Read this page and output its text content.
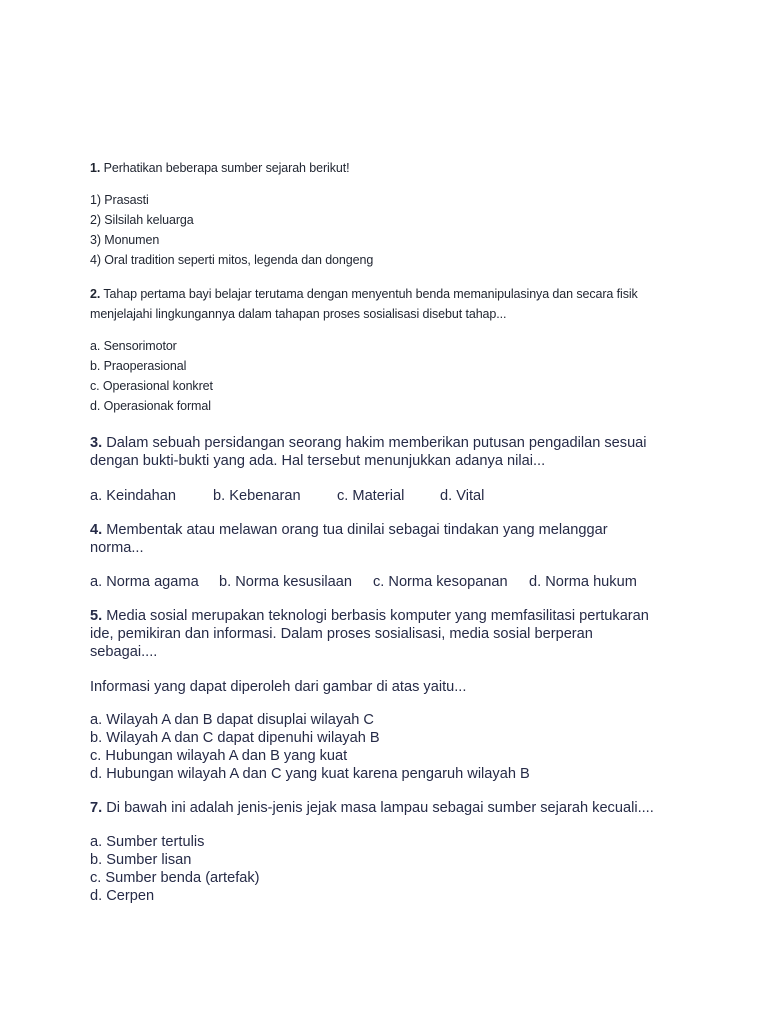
1. Perhatikan beberapa sumber sejarah berikut!
1) Prasasti
2) Silsilah keluarga
3) Monumen
4) Oral tradition seperti mitos, legenda dan dongeng
2. Tahap pertama bayi belajar terutama dengan menyentuh benda memanipulasinya dan secara fisik
menjelajahi lingkungannya dalam tahapan proses sosialisasi disebut tahap...
a. Sensorimotor
b. Praoperasional
c. Operasional konkret
d. Operasionak formal
3. Dalam sebuah persidangan seorang hakim memberikan putusan pengadilan sesuai
dengan bukti-bukti yang ada. Hal tersebut menunjukkan adanya nilai...
a. Keindahan	b. Kebenaran c. Material d. Vital
4. Membentak atau melawan orang tua dinilai sebagai tindakan yang melanggar
norma...
a. Norma agama b. Norma kesusilaan c. Norma kesopanan d. Norma hukum
5. Media sosial merupakan teknologi berbasis komputer yang memfasilitasi pertukaran
ide, pemikiran dan informasi. Dalam proses sosialisasi, media sosial berperan
sebagai....
Informasi yang dapat diperoleh dari gambar di atas yaitu...
a. Wilayah A dan B dapat disuplai wilayah C
b. Wilayah A dan C dapat dipenuhi wilayah B
c. Hubungan wilayah A dan B yang kuat
d. Hubungan wilayah A dan C yang kuat karena pengaruh wilayah B
7. Di bawah ini adalah jenis-jenis jejak masa lampau sebagai sumber sejarah kecuali....
a. Sumber tertulis
b. Sumber lisan
c. Sumber benda (artefak)
d. Cerpen
